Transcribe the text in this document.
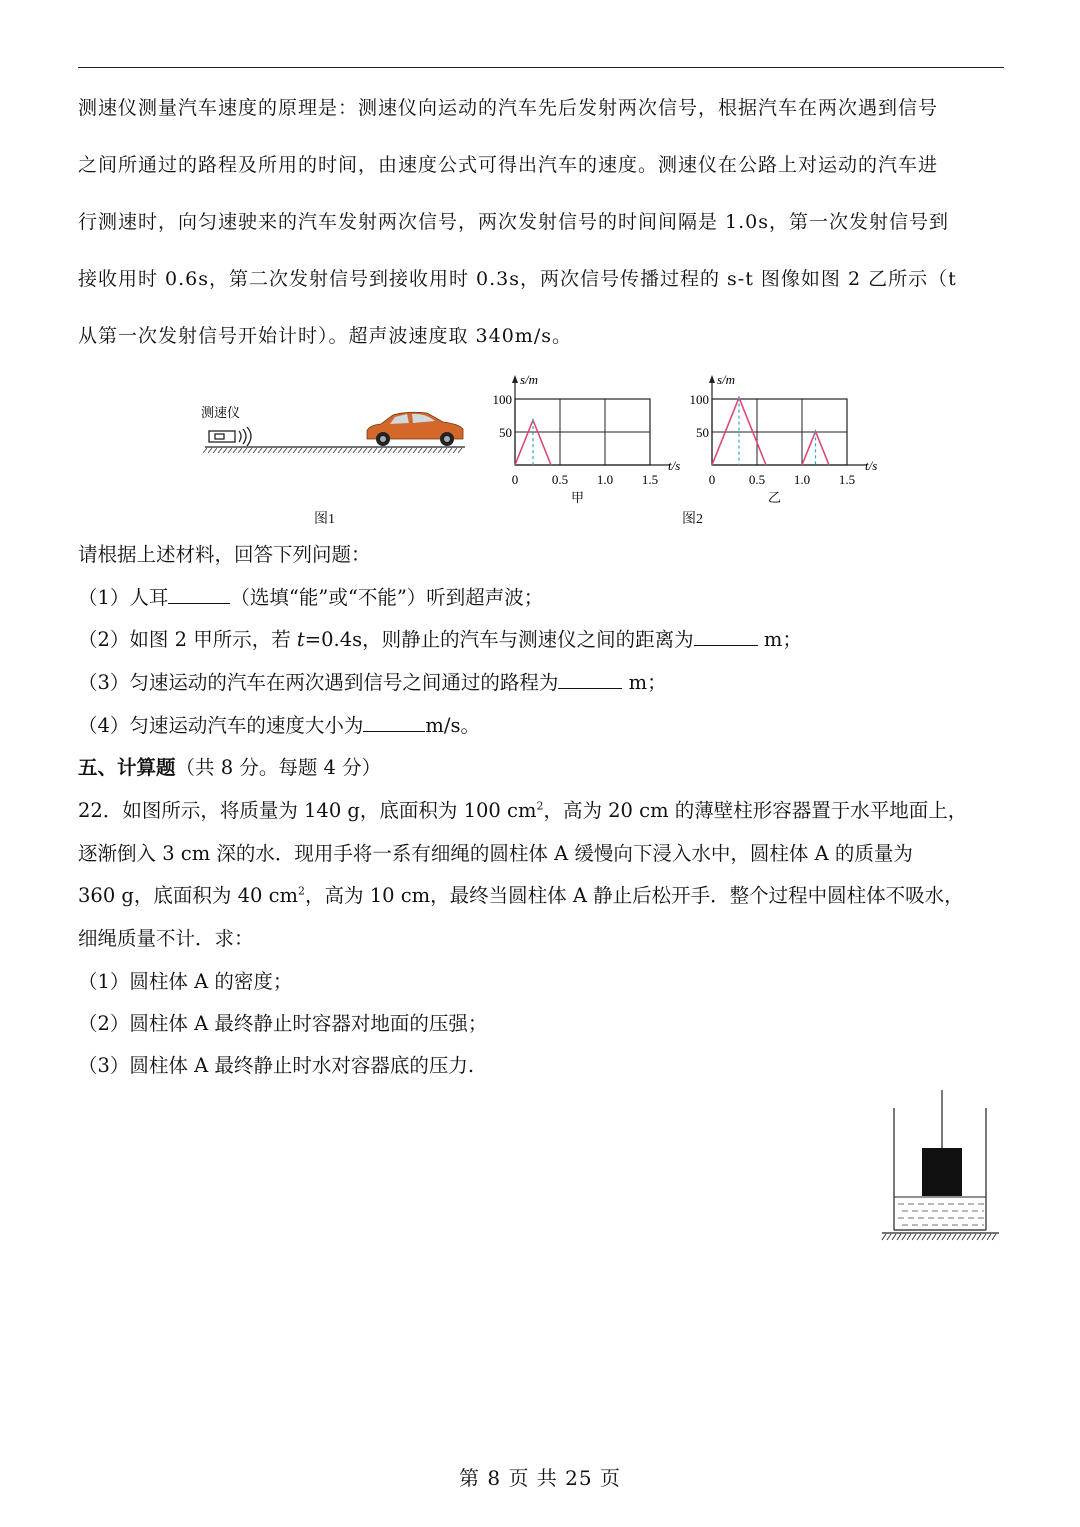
测速仪测量汽车速度的原理是：测速仪向运动的汽车先后发射两次信号，根据汽车在两次遇到信号
之间所通过的路程及所用的时间，由速度公式可得出汽车的速度。测速仪在公路上对运动的汽车进
行测速时，向匀速驶来的汽车发射两次信号，两次发射信号的时间间隔是 1.0s，第一次发射信号到
接收用时 0.6s，第二次发射信号到接收用时 0.3s，两次信号传播过程的 s-t 图像如图 2 乙所示（t
从第一次发射信号开始计时）。超声波速度取 340m/s。
测速仪
图1
s/m
t/s
100
50
0	0.5 1.0 1.5
甲
s/m
t/s
100
50
0	0.5 1.0 1.5
乙
图2
请根据上述材料，回答下列问题：
（1）人耳	（选填“能”或“不能”）听到超声波；
（2）如图 2 甲所示，若 t=0.4s，则静止的汽车与测速仪之间的距离为	m；
（3）匀速运动的汽车在两次遇到信号之间通过的路程为	m；
（4）匀速运动汽车的速度大小为	m/s。
五、计算题（共 8 分。每题 4 分）
22．如图所示，将质量为 140 g，底面积为 100 $cm^2$，高为 20 cm 的薄壁柱形容器置于水平地面上，
逐渐倒入 3 cm 深的水．现用手将一系有细绳的圆柱体 A 缓慢向下浸入水中，圆柱体 A 的质量为
360 g，底面积为 40 $cm^2$，高为 10 cm，最终当圆柱体 A 静止后松开手．整个过程中圆柱体不吸水，
细绳质量不计．求：
（1）圆柱体 A 的密度；
（2）圆柱体 A 最终静止时容器对地面的压强；
（3）圆柱体 A 最终静止时水对容器底的压力.
第 8 页 共 25 页
